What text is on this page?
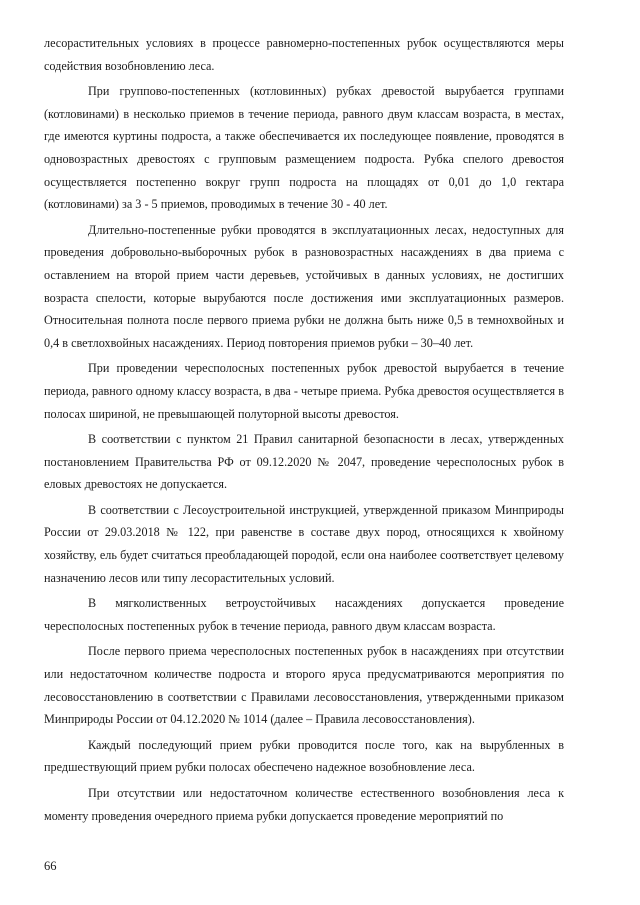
лесорастительных условиях в процессе равномерно-постепенных рубок осуществляются меры содействия возобновлению леса.

При группово-постепенных (котловинных) рубках древостой вырубается группами (котловинами) в несколько приемов в течение периода, равного двум классам возраста, в местах, где имеются куртины подроста, а также обеспечивается их последующее появление, проводятся в одновозрастных древостоях с групповым размещением подроста. Рубка спелого древостоя осуществляется постепенно вокруг групп подроста на площадях от 0,01 до 1,0 гектара (котловинами) за 3 - 5 приемов, проводимых в течение 30 - 40 лет.

Длительно-постепенные рубки проводятся в эксплуатационных лесах, недоступных для проведения добровольно-выборочных рубок в разновозрастных насаждениях в два приема с оставлением на второй прием части деревьев, устойчивых в данных условиях, не достигших возраста спелости, которые вырубаются после достижения ими эксплуатационных размеров. Относительная полнота после первого приема рубки не должна быть ниже 0,5 в темнохвойных и 0,4 в светлохвойных насаждениях. Период повторения приемов рубки – 30–40 лет.

При проведении чересполосных постепенных рубок древостой вырубается в течение периода, равного одному классу возраста, в два - четыре приема. Рубка древостоя осуществляется в полосах шириной, не превышающей полуторной высоты древостоя.

В соответствии с пунктом 21 Правил санитарной безопасности в лесах, утвержденных постановлением Правительства РФ от 09.12.2020 № 2047, проведение чересполосных рубок в еловых древостоях не допускается.

В соответствии с Лесоустроительной инструкцией, утвержденной приказом Минприроды России от 29.03.2018 № 122, при равенстве в составе двух пород, относящихся к хвойному хозяйству, ель будет считаться преобладающей породой, если она наиболее соответствует целевому назначению лесов или типу лесорастительных условий.

В мягколиственных ветроустойчивых насаждениях допускается проведение чересполосных постепенных рубок в течение периода, равного двум классам возраста.

После первого приема чересполосных постепенных рубок в насаждениях при отсутствии или недостаточном количестве подроста и второго яруса предусматриваются мероприятия по лесовосстановлению в соответствии с Правилами лесовосстановления, утвержденными приказом Минприроды России от 04.12.2020 № 1014 (далее – Правила лесовосстановления).

Каждый последующий прием рубки проводится после того, как на вырубленных в предшествующий прием рубки полосах обеспечено надежное возобновление леса.

При отсутствии или недостаточном количестве естественного возобновления леса к моменту проведения очередного приема рубки допускается проведение мероприятий по

66
